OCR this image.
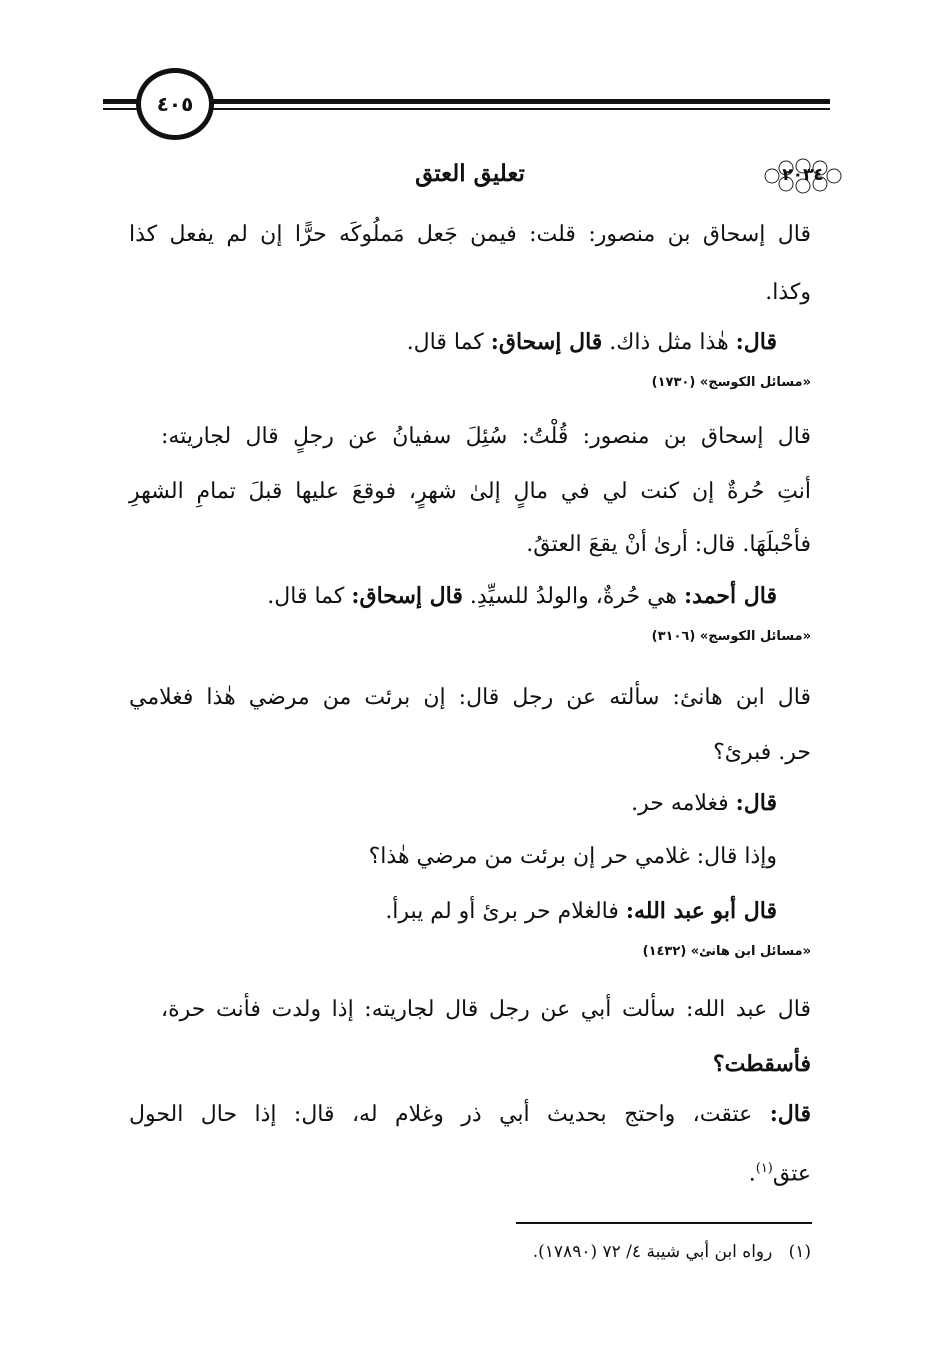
٤٠٥
تعليق العتق	٢٠٣٤
قال إسحاق بن منصور: قلت: فيمن جَعل مَملُوكَه حرًّا إن لم يفعل كذا
وكذا.
قال: هٰذا مثل ذاك. قال إسحاق: كما قال.
«مسائل الكوسج» (١٧٣٠)
قال إسحاق بن منصور: قُلْتُ: سُئِلَ سفيانُ عن رجلٍ قال لجاريته:
أنتِ حُرةٌ إن كنت لي في مالٍ إلىٰ شهرٍ، فوقعَ عليها قبلَ تمامِ الشهرِ
فأحْبلَهَا. قال: أرىٰ أنْ يقعَ العتقُ.
قال أحمد: هي حُرةٌ، والولدُ للسيِّدِ. قال إسحاق: كما قال.
«مسائل الكوسج» (٣١٠٦)
قال ابن هانئ: سألته عن رجل قال: إن برئت من مرضي هٰذا فغلامي
حر. فبرئ؟
قال: فغلامه حر.
وإذا قال: غلامي حر إن برئت من مرضي هٰذا؟
قال أبو عبد الله: فالغلام حر برئ أو لم يبرأ.
«مسائل ابن هانئ» (١٤٣٢)
قال عبد الله: سألت أبي عن رجل قال لجاريته: إذا ولدت فأنت حرة،
فأسقطت؟
قال: عتقت، واحتج بحديث أبي ذر وغلام له، قال: إذا حال الحول
عتق$^{(١)}$.
(١)   رواه ابن أبي شيبة ٤/ ٧٢ (١٧٨٩٠).
